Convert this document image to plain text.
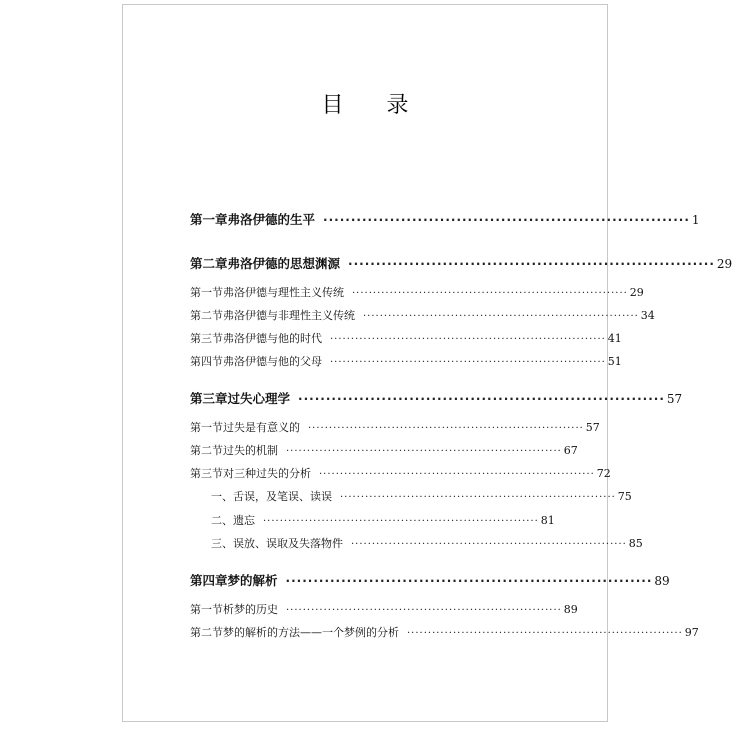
目 录
第一章 弗洛伊德的生平 ·································································· 1
第二章 弗洛伊德的思想渊源 ·································································· 29
第一节 弗洛伊德与理性主义传统 ·································································· 29
第二节 弗洛伊德与非理性主义传统 ·································································· 34
第三节 弗洛伊德与他的时代 ·································································· 41
第四节 弗洛伊德与他的父母 ·································································· 51
第三章 过失心理学 ·································································· 57
第一节 过失是有意义的 ·································································· 57
第二节 过失的机制 ·································································· 67
第三节 对三种过失的分析 ·································································· 72
一、舌误，及笔误、读误 ·································································· 75
二、遗忘 ·································································· 81
三、误放、误取及失落物件 ·································································· 85
第四章 梦的解析 ·································································· 89
第一节 析梦的历史 ·································································· 89
第二节 梦的解析的方法——一个梦例的分析 ·································································· 97
